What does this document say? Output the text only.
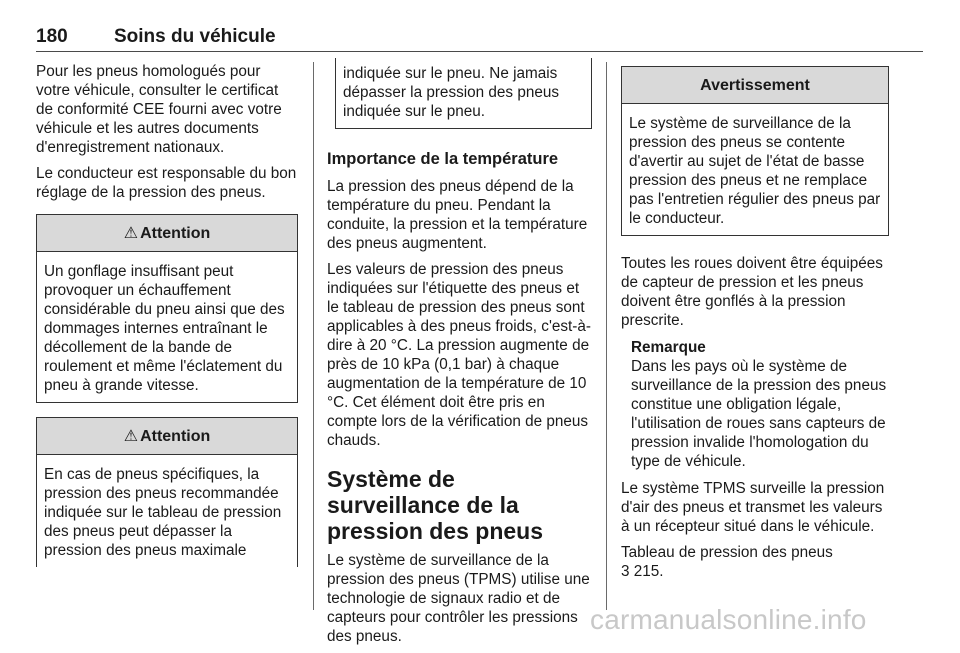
180 Soins du véhicule

Pour les pneus homologués pour votre véhicule, consulter le certificat de conformité CEE fourni avec votre véhicule et les autres documents d'enregistrement nationaux.

Le conducteur est responsable du bon réglage de la pression des pneus.

⚠ Attention
Un gonflage insuffisant peut provoquer un échauffement considérable du pneu ainsi que des dommages internes entraînant le décollement de la bande de roulement et même l'éclatement du pneu à grande vitesse.
⚠ Attention
En cas de pneus spécifiques, la pression des pneus recommandée indiquée sur le tableau de pression des pneus peut dépasser la pression des pneus maximale
indiquée sur le pneu. Ne jamais dépasser la pression des pneus indiquée sur le pneu.
Importance de la température

La pression des pneus dépend de la température du pneu. Pendant la conduite, la pression et la température des pneus augmentent.

Les valeurs de pression des pneus indiquées sur l'étiquette des pneus et le tableau de pression des pneus sont applicables à des pneus froids, c'est-à-dire à 20 °C. La pression augmente de près de 10 kPa (0,1 bar) à chaque augmentation de la température de 10 °C. Cet élément doit être pris en compte lors de la vérification de pneus chauds.

Système de surveillance de la pression des pneus

Le système de surveillance de la pression des pneus (TPMS) utilise une technologie de signaux radio et de capteurs pour contrôler les pressions des pneus.

Avertissement
Le système de surveillance de la pression des pneus se contente d'avertir au sujet de l'état de basse pression des pneus et ne remplace pas l'entretien régulier des pneus par le conducteur.

Toutes les roues doivent être équipées de capteur de pression et les pneus doivent être gonflés à la pression prescrite.

Remarque
Dans les pays où le système de surveillance de la pression des pneus constitue une obligation légale, l'utilisation de roues sans capteurs de pression invalide l'homologation du type de véhicule.

Le système TPMS surveille la pression d'air des pneus et transmet les valeurs à un récepteur situé dans le véhicule.

Tableau de pression des pneus

3 215.

carmanualsonline.info
